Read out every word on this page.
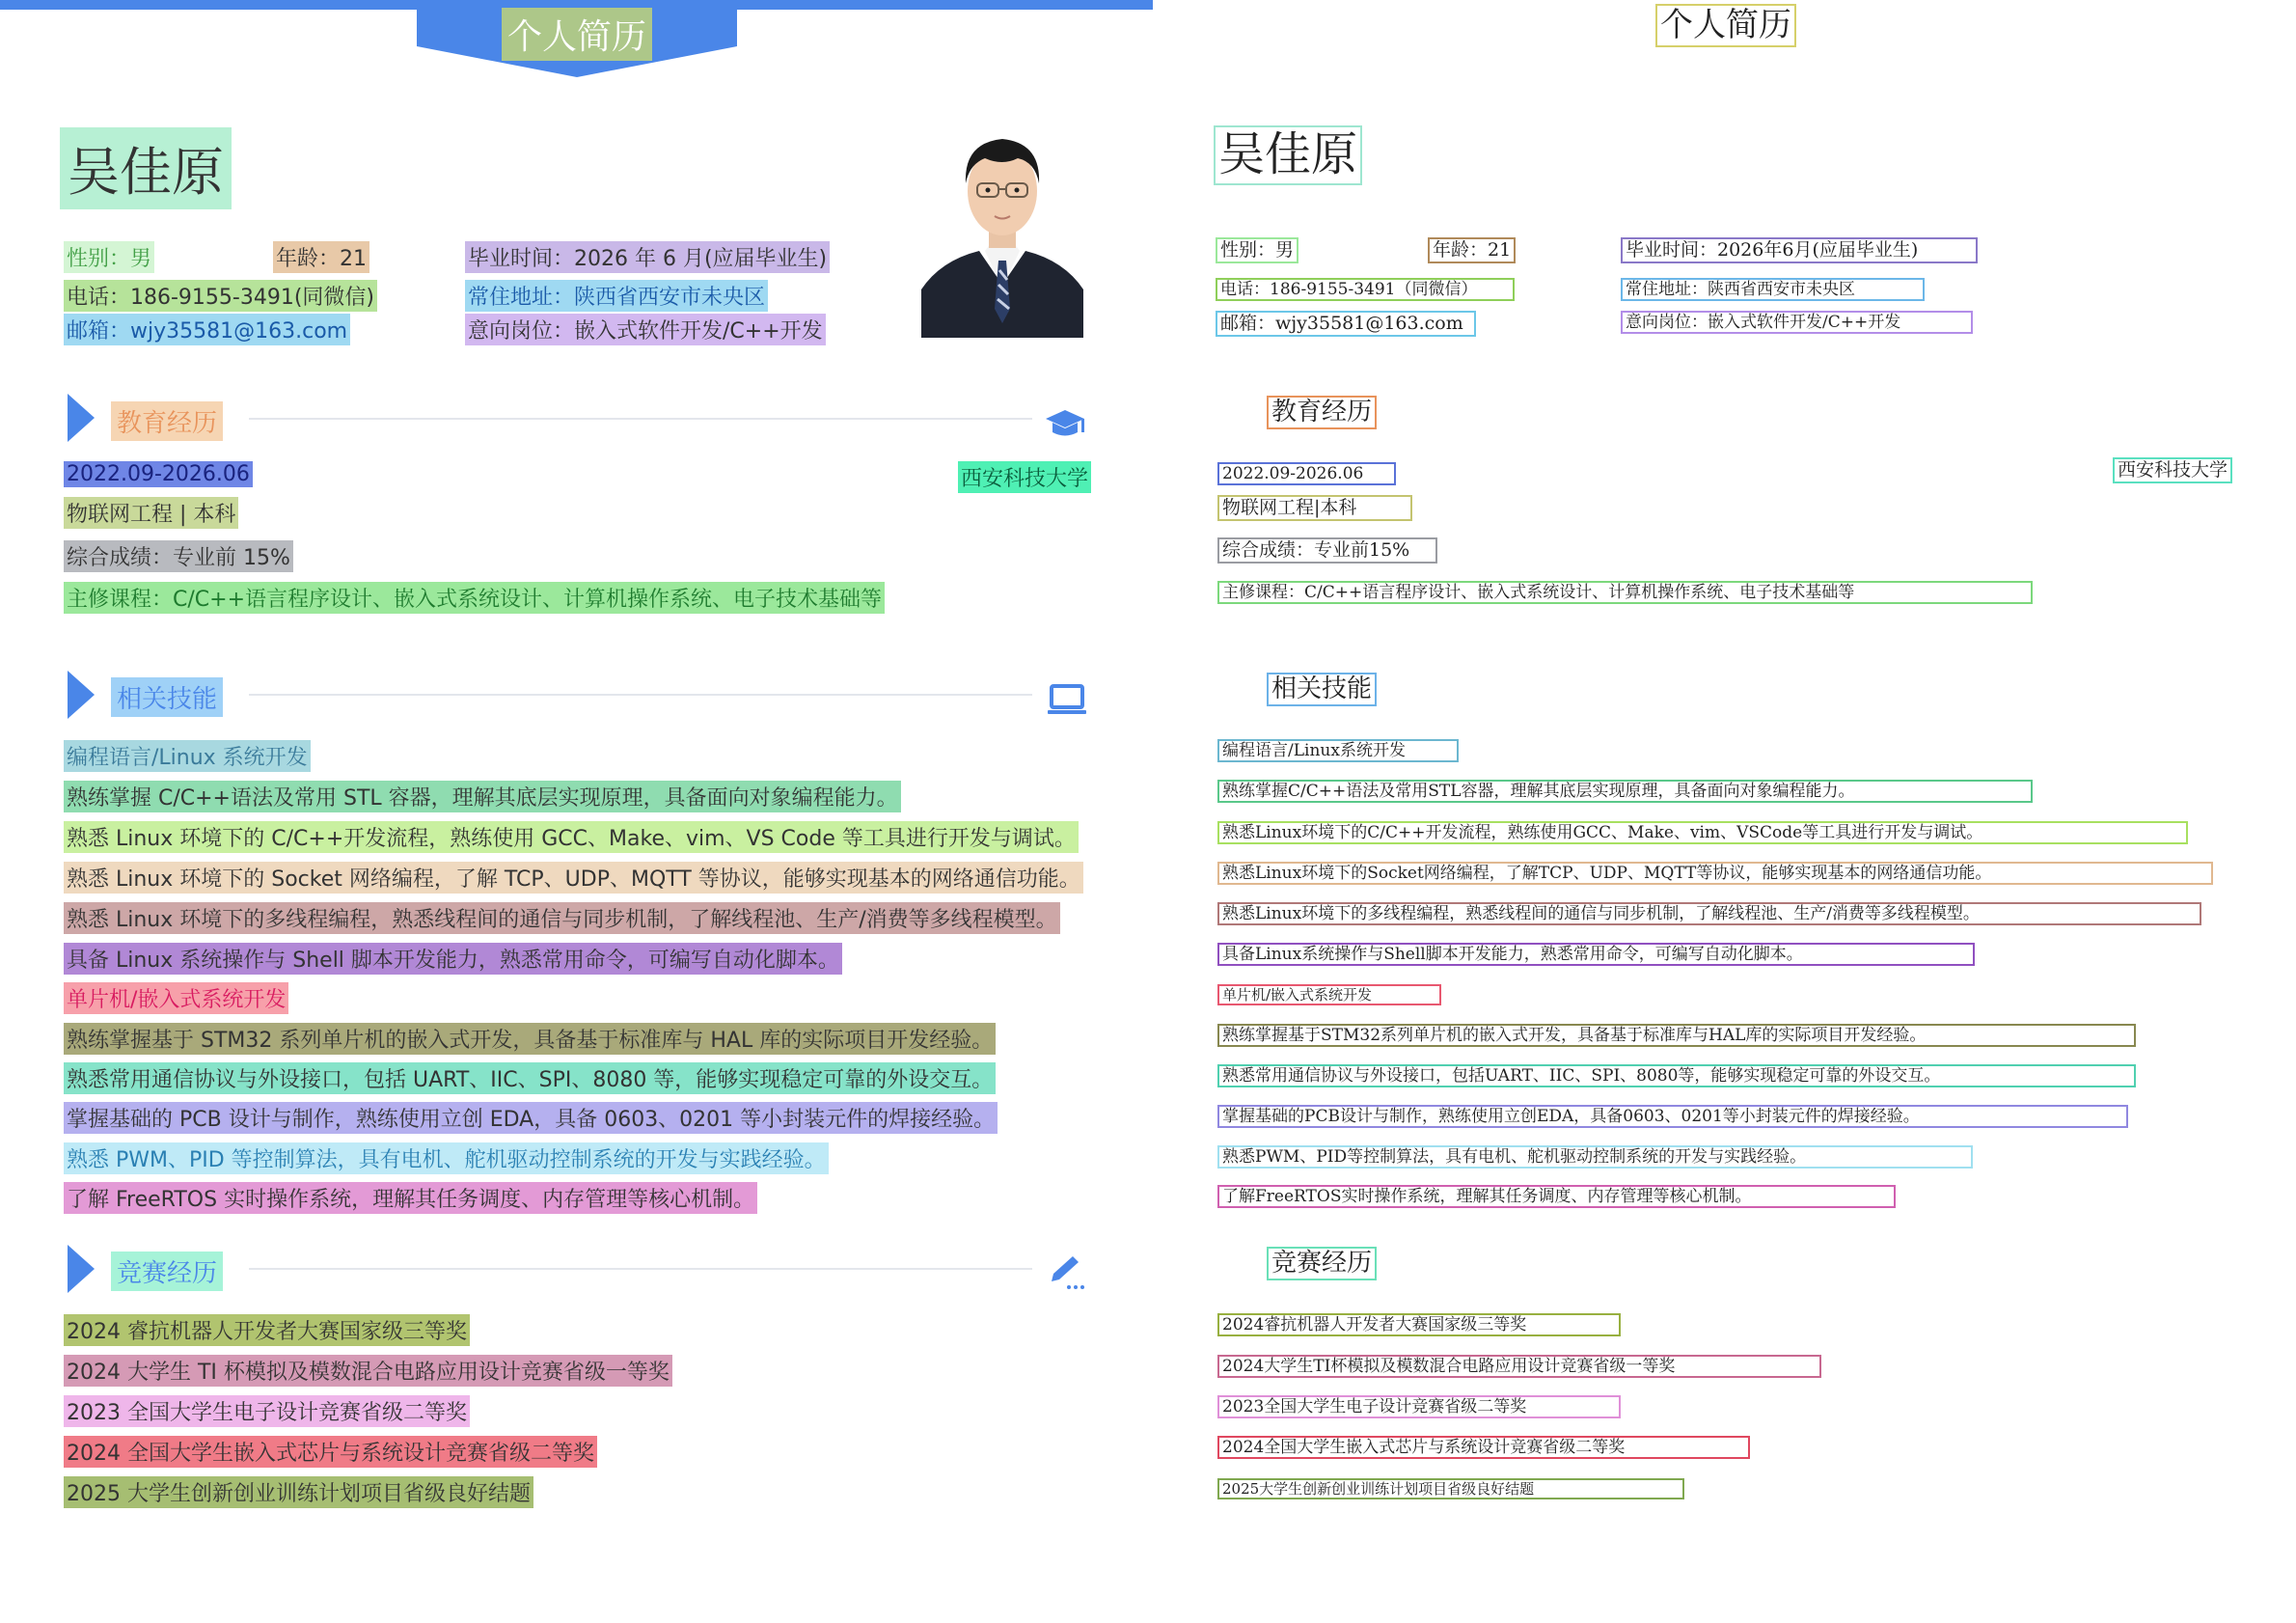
个人简历
吴佳原
性别：男	年龄：21	毕业时间：2026 年 6 月(应届毕业生)
电话：186-9155-3491(同微信)	常住地址：陕西省西安市未央区
邮箱：wjy35581@163.com	意向岗位：嵌入式软件开发/C++开发
教育经历
2022.09-2026.06	西安科技大学
物联网工程 | 本科
综合成绩：专业前 15%
主修课程：C/C++语言程序设计、嵌入式系统设计、计算机操作系统、电子技术基础等
相关技能
编程语言/Linux 系统开发
熟练掌握 C/C++语法及常用 STL 容器，理解其底层实现原理，具备面向对象编程能力。
熟悉 Linux 环境下的 C/C++开发流程，熟练使用 GCC、Make、vim、VS Code 等工具进行开发与调试。
熟悉 Linux 环境下的 Socket 网络编程，了解 TCP、UDP、MQTT 等协议，能够实现基本的网络通信功能。
熟悉 Linux 环境下的多线程编程，熟悉线程间的通信与同步机制，了解线程池、生产/消费等多线程模型。
具备 Linux 系统操作与 Shell 脚本开发能力，熟悉常用命令，可编写自动化脚本。
单片机/嵌入式系统开发
熟练掌握基于 STM32 系列单片机的嵌入式开发，具备基于标准库与 HAL 库的实际项目开发经验。
熟悉常用通信协议与外设接口，包括 UART、IIC、SPI、8080 等，能够实现稳定可靠的外设交互。
掌握基础的 PCB 设计与制作，熟练使用立创 EDA，具备 0603、0201 等小封装元件的焊接经验。
熟悉 PWM、PID 等控制算法，具有电机、舵机驱动控制系统的开发与实践经验。
了解 FreeRTOS 实时操作系统，理解其任务调度、内存管理等核心机制。
竞赛经历
2024 睿抗机器人开发者大赛国家级三等奖
2024 大学生 TI 杯模拟及模数混合电路应用设计竞赛省级一等奖
2023 全国大学生电子设计竞赛省级二等奖
2024 全国大学生嵌入式芯片与系统设计竞赛省级二等奖
2025 大学生创新创业训练计划项目省级良好结题
个人简历
吴佳原
性别：男	年龄：21	毕业时间：2026年6月(应届毕业生)
电话：186-9155-3491（同微信）	常住地址：陕西省西安市未央区
邮箱：wjy35581@163.com	意向岗位：嵌入式软件开发/C++开发
教育经历
2022.09-2026.06	西安科技大学
物联网工程|本科
综合成绩：专业前15%
主修课程：C/C++语言程序设计、嵌入式系统设计、计算机操作系统、电子技术基础等
相关技能
编程语言/Linux系统开发
熟练掌握C/C++语法及常用STL容器，理解其底层实现原理，具备面向对象编程能力。
熟悉Linux环境下的C/C++开发流程，熟练使用GCC、Make、vim、VSCode等工具进行开发与调试。
熟悉Linux环境下的Socket网络编程，了解TCP、UDP、MQTT等协议，能够实现基本的网络通信功能。
熟悉Linux环境下的多线程编程，熟悉线程间的通信与同步机制，了解线程池、生产/消费等多线程模型。
具备Linux系统操作与Shell脚本开发能力，熟悉常用命令，可编写自动化脚本。
单片机/嵌入式系统开发
熟练掌握基于STM32系列单片机的嵌入式开发，具备基于标准库与HAL库的实际项目开发经验。
熟悉常用通信协议与外设接口，包括UART、IIC、SPI、8080等，能够实现稳定可靠的外设交互。
掌握基础的PCB设计与制作，熟练使用立创EDA，具备0603、0201等小封装元件的焊接经验。
熟悉PWM、PID等控制算法，具有电机、舵机驱动控制系统的开发与实践经验。
了解FreeRTOS实时操作系统，理解其任务调度、内存管理等核心机制。
竞赛经历
2024睿抗机器人开发者大赛国家级三等奖
2024大学生TI杯模拟及模数混合电路应用设计竞赛省级一等奖
2023全国大学生电子设计竞赛省级二等奖
2024全国大学生嵌入式芯片与系统设计竞赛省级二等奖
2025大学生创新创业训练计划项目省级良好结题
